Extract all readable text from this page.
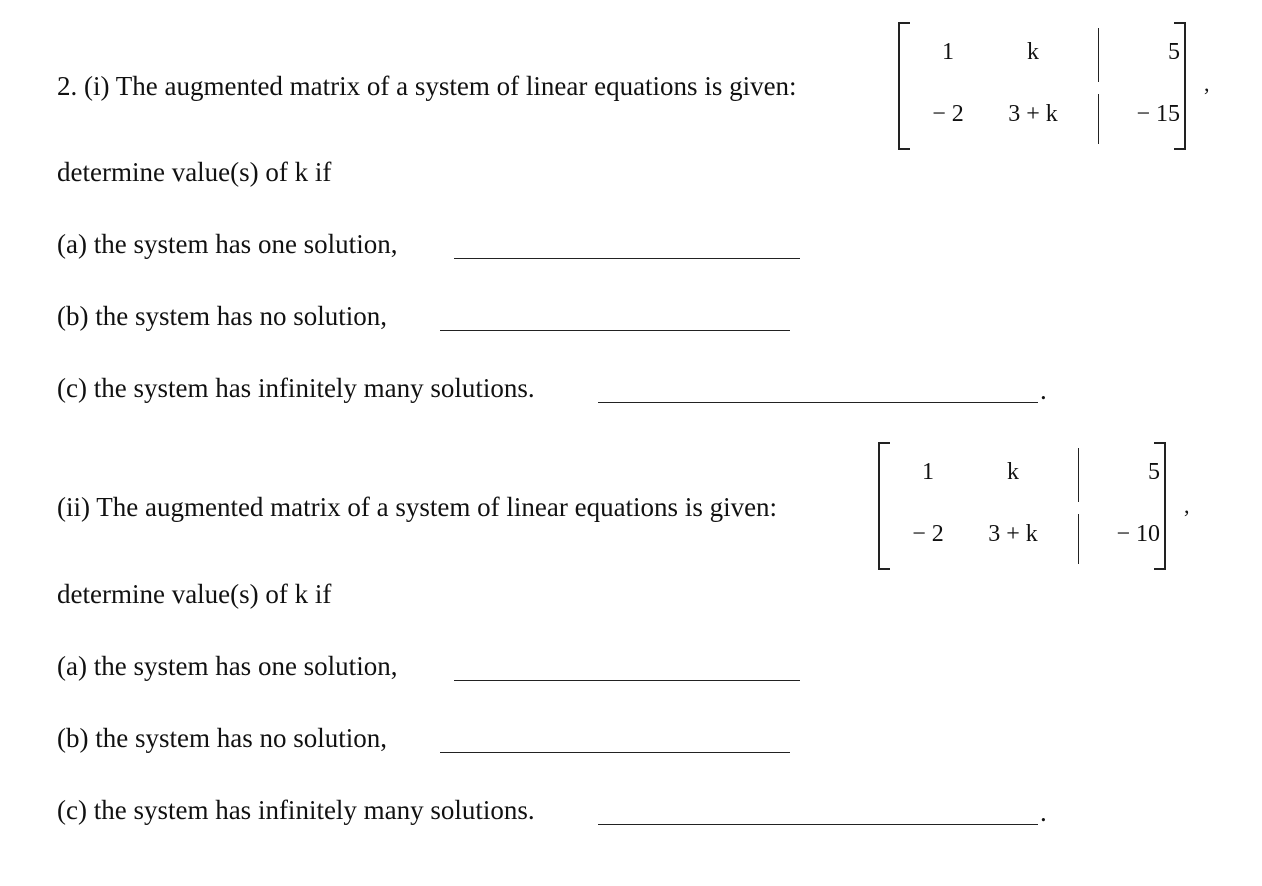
2. (i) The augmented matrix of a system of linear equations is given:
1	k	5
− 2	3 + k	− 15
,
determine value(s) of k if
(a) the system has one solution,
(b) the system has no solution,
(c) the system has infinitely many solutions.	.
(ii) The augmented matrix of a system of linear equations is given:
1	k	5
− 2	3 + k	− 10
,
determine value(s) of k if
(a) the system has one solution,
(b) the system has no solution,
(c) the system has infinitely many solutions.	.
